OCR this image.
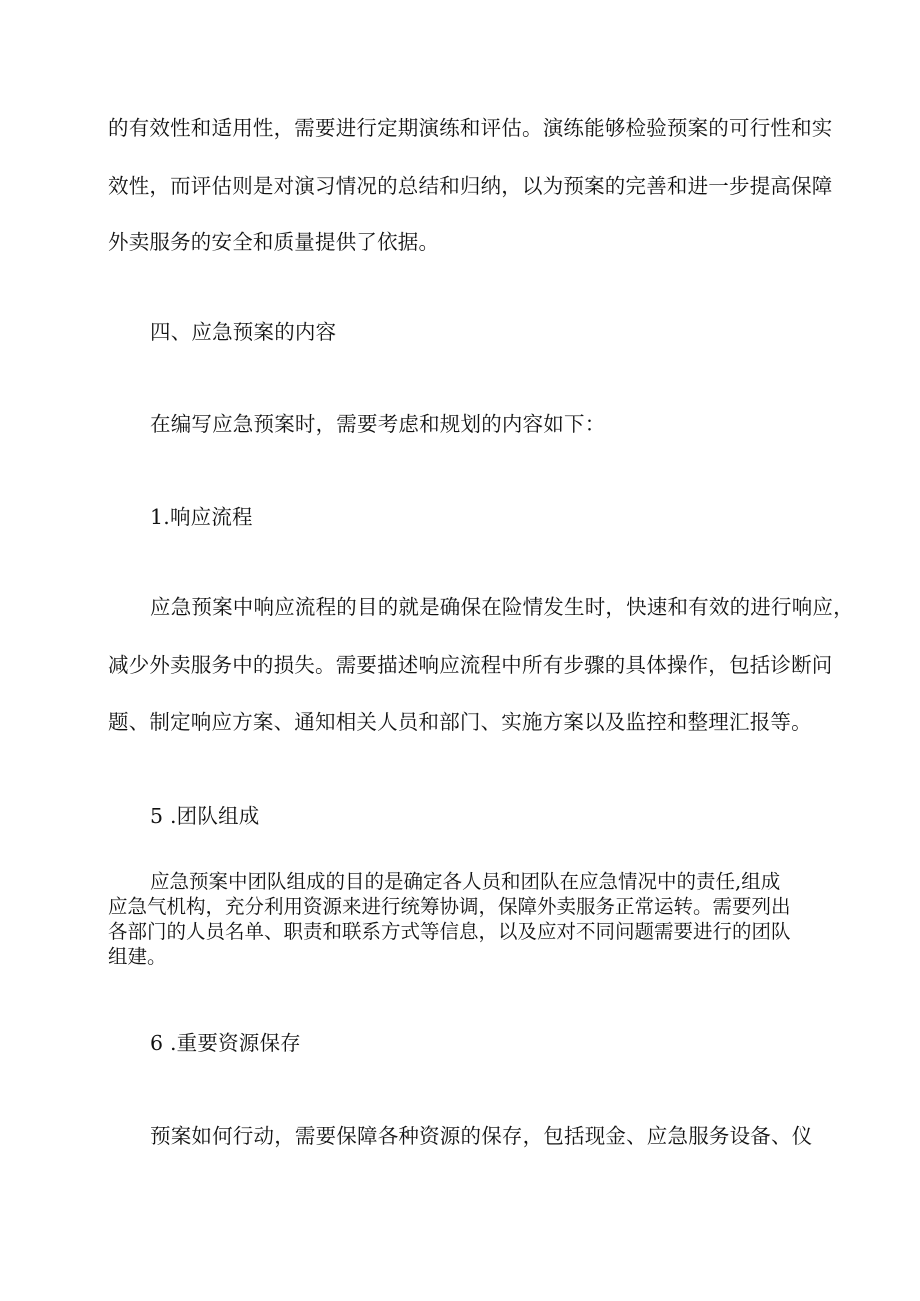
的有效性和适用性，需要进行定期演练和评估。演练能够检验预案的可行性和实
效性，而评估则是对演习情况的总结和归纳，以为预案的完善和进一步提高保障
外卖服务的安全和质量提供了依据。
四、应急预案的内容
在编写应急预案时，需要考虑和规划的内容如下：
1.响应流程
应急预案中响应流程的目的就是确保在险情发生时，快速和有效的进行响应，
减少外卖服务中的损失。需要描述响应流程中所有步骤的具体操作，包括诊断问
题、制定响应方案、通知相关人员和部门、实施方案以及监控和整理汇报等。
5 .团队组成
应急预案中团队组成的目的是确定各人员和团队在应急情况中的责任,组成
应急气机构，充分利用资源来进行统筹协调，保障外卖服务正常运转。需要列出
各部门的人员名单、职责和联系方式等信息，以及应对不同问题需要进行的团队
组建。
6 .重要资源保存
预案如何行动，需要保障各种资源的保存，包括现金、应急服务设备、仪
